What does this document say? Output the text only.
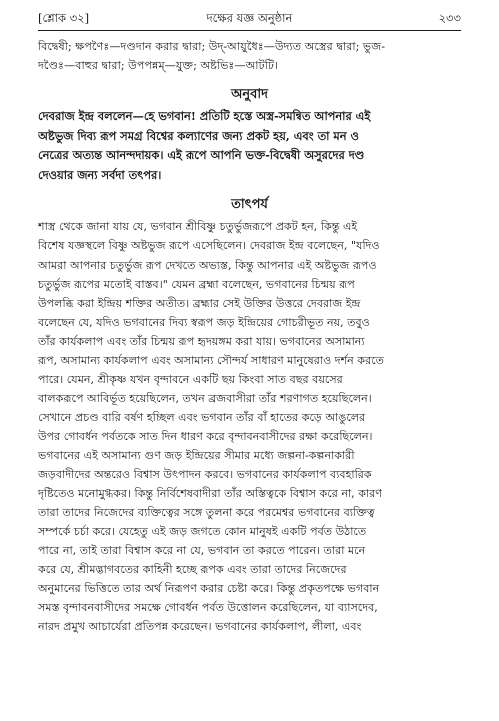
[শ্লোক ৩২]	দক্ষের যজ্ঞ অনুষ্ঠান	২৩৩
বিদ্বেষী; ক্ষপণৈঃ—দণ্ডদান করার দ্বারা; উদ্-আয়ুধৈঃ—উদ্যত অস্ত্রের দ্বারা; ভুজ-
দণ্ডৈঃ—বাহুর দ্বারা; উপপন্নম্—যুক্ত; অষ্টভিঃ—আটটি।
অনুবাদ
দেবরাজ ইন্দ্র বললেন—হে ভগবান! প্রতিটি হস্তে অস্ত্র-সমন্বিত আপনার এই
অষ্টভুজ দিব্য রূপ সমগ্র বিশ্বের কল্যাণের জন্য প্রকট হয়, এবং তা মন ও
নেত্রের অত্যন্ত আনন্দদায়ক। এই রূপে আপনি ভক্ত-বিদ্বেষী অসুরদের দণ্ড
দেওয়ার জন্য সর্বদা তৎপর।
তাৎপর্য
শাস্ত্র থেকে জানা যায় যে, ভগবান শ্রীবিষ্ণু চতুর্ভুজরূপে প্রকট হন, কিন্তু এই
বিশেষ যজ্ঞস্থলে বিষ্ণু অষ্টভুজ রূপে এসেছিলেন। দেবরাজ ইন্দ্র বলেছেন, "যদিও
আমরা আপনার চতুর্ভুজ রূপ দেখতে অভ্যস্ত, কিন্তু আপনার এই অষ্টভুজ রূপও
চতুর্ভুজ রূপের মতোই বাস্তব।" যেমন ব্রহ্মা বলেছেন, ভগবানের চিন্ময় রূপ
উপলব্ধি করা ইন্দ্রিয় শক্তির অতীত। ব্রহ্মার সেই উক্তির উত্তরে দেবরাজ ইন্দ্র
বলেছেন যে, যদিও ভগবানের দিব্য স্বরূপ জড় ইন্দ্রিয়ের গোচরীভূত নয়, তবুও
তাঁর কার্যকলাপ এবং তাঁর চিন্ময় রূপ হৃদয়ঙ্গম করা যায়। ভগবানের অসামান্য
রূপ, অসামান্য কার্যকলাপ এবং অসামান্য সৌন্দর্য সাধারণ মানুষেরাও দর্শন করতে
পারে। যেমন, শ্রীকৃষ্ণ যখন বৃন্দাবনে একটি ছয় কিংবা সাত বছর বয়সের
বালকরূপে আবির্ভূত হয়েছিলেন, তখন ব্রজবাসীরা তাঁর শরণাগত হয়েছিলেন।
সেখানে প্রচণ্ড বারি বর্ষণ হচ্ছিল এবং ভগবান তাঁর বাঁ হাতের কড়ে আঙুলের
উপর গোবর্ধন পর্বতকে সাত দিন ধারণ করে বৃন্দাবনবাসীদের রক্ষা করেছিলেন।
ভগবানের এই অসামান্য গুণ জড় ইন্দ্রিয়ের সীমার মধ্যে জল্পনা-কল্পনাকারী
জড়বাদীদের অন্তরেও বিশ্বাস উৎপাদন করবে। ভগবানের কার্যকলাপ ব্যবহারিক
দৃষ্টিতেও মনোমুগ্ধকর। কিন্তু নির্বিশেষবাদীরা তাঁর অস্তিত্বকে বিশ্বাস করে না, কারণ
তারা তাদের নিজেদের ব্যক্তিত্বের সঙ্গে তুলনা করে পরমেশ্বর ভগবানের ব্যক্তিত্ব
সম্পর্কে চর্চা করে। যেহেতু এই জড় জগতে কোন মানুষই একটি পর্বত উঠাতে
পারে না, তাই তারা বিশ্বাস করে না যে, ভগবান তা করতে পারেন। তারা মনে
করে যে, শ্রীমদ্ভাগবতের কাহিনী হচ্ছে রূপক এবং তারা তাদের নিজেদের
অনুমানের ভিত্তিতে তার অর্থ নিরূপণ করার চেষ্টা করে। কিন্তু প্রকৃতপক্ষে ভগবান
সমস্ত বৃন্দাবনবাসীদের সমক্ষে গোবর্ধন পর্বত উত্তোলন করেছিলেন, যা ব্যাসদেব,
নারদ প্রমুখ আচার্যেরা প্রতিপন্ন করেছেন। ভগবানের কার্যকলাপ, লীলা, এবং
